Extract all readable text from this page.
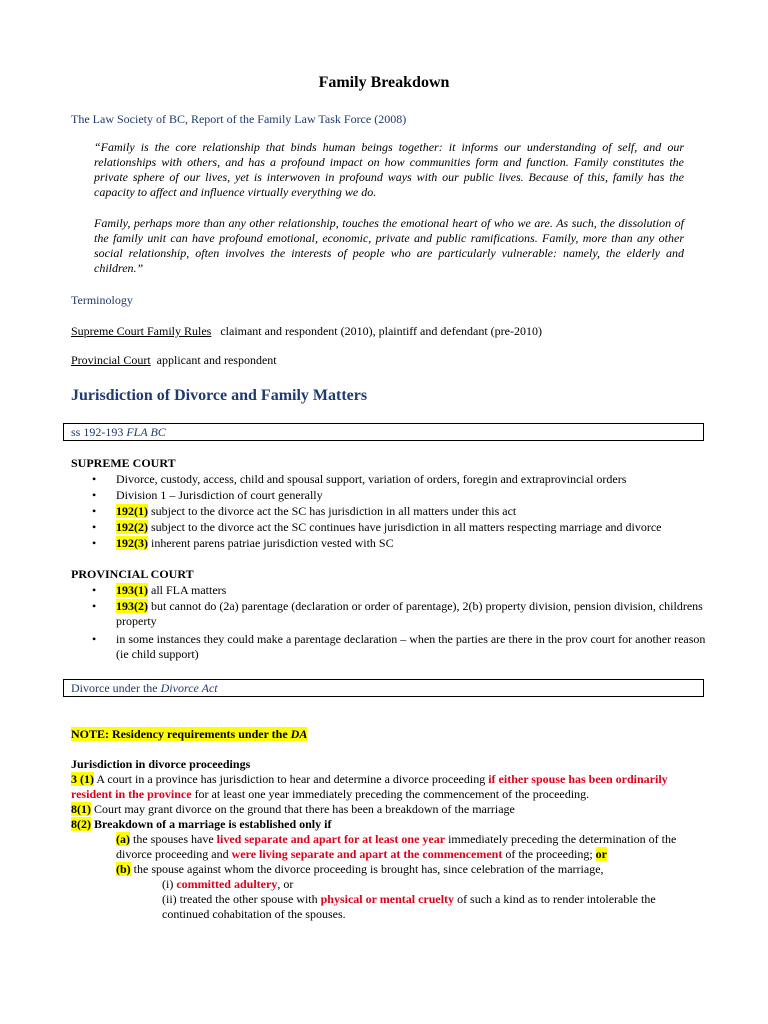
Family Breakdown
The Law Society of BC, Report of the Family Law Task Force (2008)
“Family is the core relationship that binds human beings together: it informs our understanding of self, and our relationships with others, and has a profound impact on how communities form and function. Family constitutes the private sphere of our lives, yet is interwoven in profound ways with our public lives. Because of this, family has the capacity to affect and influence virtually everything we do.
Family, perhaps more than any other relationship, touches the emotional heart of who we are. As such, the dissolution of the family unit can have profound emotional, economic, private and public ramifications. Family, more than any other social relationship, often involves the interests of people who are particularly vulnerable: namely, the elderly and children.”
Terminology
Supreme Court Family Rules claimant and respondent (2010), plaintiff and defendant (pre-2010)
Provincial Court applicant and respondent
Jurisdiction of Divorce and Family Matters
ss 192-193 FLA BC
SUPREME COURT
• Divorce, custody, access, child and spousal support, variation of orders, foregin and extraprovincial orders
• Division 1 – Jurisdiction of court generally
• 192(1) subject to the divorce act the SC has jurisdiction in all matters under this act
• 192(2) subject to the divorce act the SC continues have jurisdiction in all matters respecting marriage and divorce
• 192(3) inherent parens patriae jurisdiction vested with SC
PROVINCIAL COURT
• 193(1) all FLA matters
• 193(2) but cannot do (2a) parentage (declaration or order of parentage), 2(b) property division, pension division, childrens property
• in some instances they could make a parentage declaration – when the parties are there in the prov court for another reason (ie child support)
Divorce under the Divorce Act
NOTE: Residency requirements under the DA
Jurisdiction in divorce proceedings
3 (1) A court in a province has jurisdiction to hear and determine a divorce proceeding if either spouse has been ordinarily resident in the province for at least one year immediately preceding the commencement of the proceeding.
8(1) Court may grant divorce on the ground that there has been a breakdown of the marriage
8(2) Breakdown of a marriage is established only if
(a) the spouses have lived separate and apart for at least one year immediately preceding the determination of the divorce proceeding and were living separate and apart at the commencement of the proceeding; or
(b) the spouse against whom the divorce proceeding is brought has, since celebration of the marriage,
(i) committed adultery, or
(ii) treated the other spouse with physical or mental cruelty of such a kind as to render intolerable the continued cohabitation of the spouses.
